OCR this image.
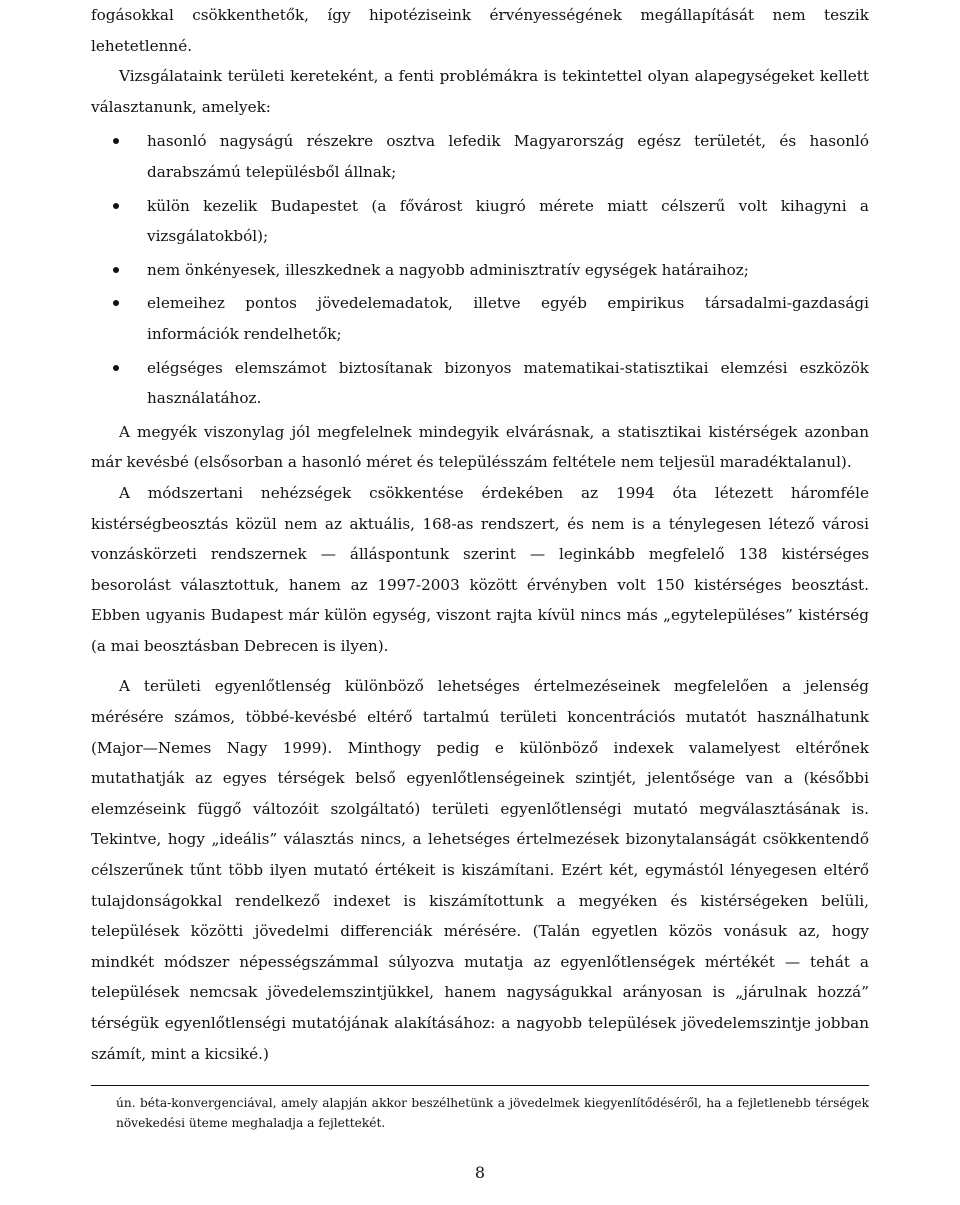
fogásokkal csökkenthetők, így hipotéziseink érvényességének megállapítását nem teszik lehetetlenné.

Vizsgálataink területi kereteként, a fenti problémákra is tekintettel olyan alapegységeket kellett választanunk, amelyek:

hasonló nagyságú részekre osztva lefedik Magyarország egész területét, és hasonló darabszámú településből állnak;
külön kezelik Budapestet (a fővárost kiugró mérete miatt célszerű volt kihagyni a vizsgálatokból);
nem önkényesek, illeszkednek a nagyobb adminisztratív egységek határaihoz;
elemeihez pontos jövedelemadatok, illetve egyéb empirikus társadalmi-gazdasági információk rendelhetők;
elégséges elemszámot biztosítanak bizonyos matematikai-statisztikai elemzési eszközök használatához.

A megyék viszonylag jól megfelelnek mindegyik elvárásnak, a statisztikai kistérségek azonban már kevésbé (elsősorban a hasonló méret és településszám feltétele nem teljesül maradéktalanul).

A módszertani nehézségek csökkentése érdekében az 1994 óta létezett háromféle kistérségbeosztás közül nem az aktuális, 168-as rendszert, és nem is a ténylegesen létező városi vonzáskörzeti rendszernek — álláspontunk szerint — leginkább megfelelő 138 kistérséges besorolást választottuk, hanem az 1997-2003 között érvényben volt 150 kistérséges beosztást. Ebben ugyanis Budapest már külön egység, viszont rajta kívül nincs más „egytelepüléses” kistérség (a mai beosztásban Debrecen is ilyen).

A területi egyenlőtlenség különböző lehetséges értelmezéseinek megfelelően a jelenség mérésére számos, többé-kevésbé eltérő tartalmú területi koncentrációs mutatót használhatunk (Major—Nemes Nagy 1999). Minthogy pedig e különböző indexek valamelyest eltérőnek mutathatják az egyes térségek belső egyenlőtlenségeinek szintjét, jelentősége van a (későbbi elemzéseink függő változóit szolgáltató) területi egyenlőtlenségi mutató megválasztásának is. Tekintve, hogy „ideális” választás nincs, a lehetséges értelmezések bizonytalanságát csökkentendő célszerűnek tűnt több ilyen mutató értékeit is kiszámítani. Ezért két, egymástól lényegesen eltérő tulajdonságokkal rendelkező indexet is kiszámítottunk a megyéken és kistérségeken belüli, települések közötti jövedelmi differenciák mérésére. (Talán egyetlen közös vonásuk az, hogy mindkét módszer népességszámmal súlyozva mutatja az egyenlőtlenségek mértékét — tehát a települések nemcsak jövedelemszintjükkel, hanem nagyságukkal arányosan is „járulnak hozzá” térségük egyenlőtlenségi mutatójának alakításához: a nagyobb települések jövedelemszintje jobban számít, mint a kicsiké.)

ún. béta-konvergenciával, amely alapján akkor beszélhetünk a jövedelmek kiegyenlítődéséről, ha a fejletlenebb térségek növekedési üteme meghaladja a fejlettekét.

8
